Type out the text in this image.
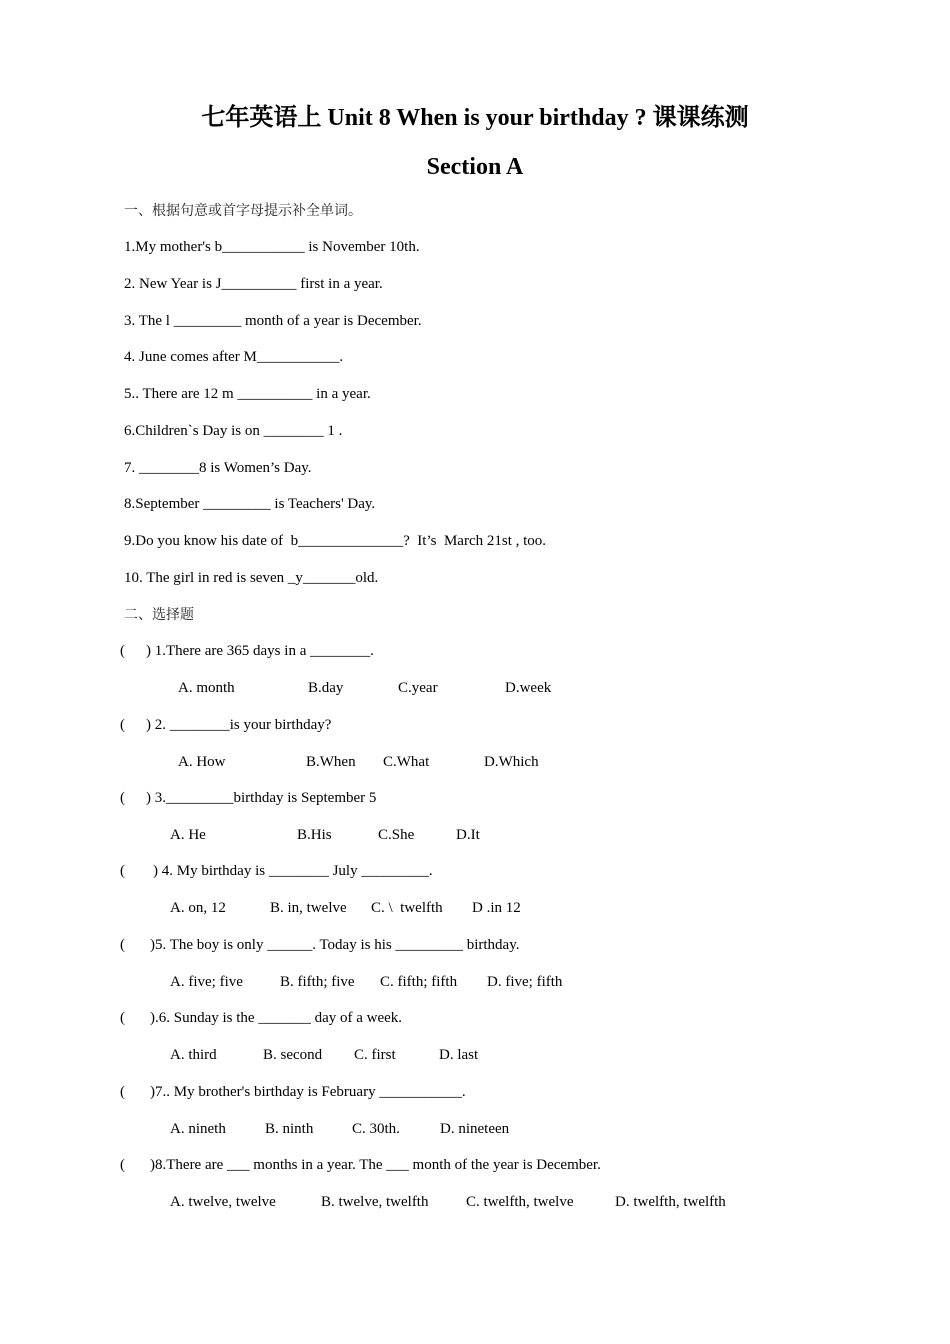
七年英语上 Unit 8 When is your birthday ? 课课练测
Section A
一、根据句意或首字母提示补全单词。
1.My mother's b___________ is November 10th.
2. New Year is J__________ first in a year.
3. The l _________ month of a year is December.
4. June comes after M___________.
5.. There are 12 m __________ in a year.
6.Children`s Day is on ________ 1 .
7. ________8 is Women’s Day.
8.September _________ is Teachers' Day.
9.Do you know his date of  b______________?  It’s  March 21st , too.
10. The girl in red is seven _y_______old.
二、选择题
( ) 1.There are 365 days in a ________.
A. month	B.day	C.year	D.week
( ) 2. ________is your birthday?
A. How	B.When C.What	D.Which
( ) 3._________birthday is September 5
A. He	B.His	C.She	D.It
( ) 4. My birthday is ________ July _________.
A. on, 12	B. in, twelve C. \  twelfth D .in 12
( )5. The boy is only ______. Today is his _________ birthday.
A. five; five B. fifth; five C. fifth; fifth D. five; fifth
( ).6. Sunday is the _______ day of a week.
A. third	B. second C. first	D. last
( )7.. My brother's birthday is February ___________.
A. nineth	B. ninth	C. 30th.	D. nineteen
( )8.There are ___ months in a year. The ___ month of the year is December.
A. twelve, twelve	B. twelve, twelfth	C. twelfth, twelve	D. twelfth, twelfth
